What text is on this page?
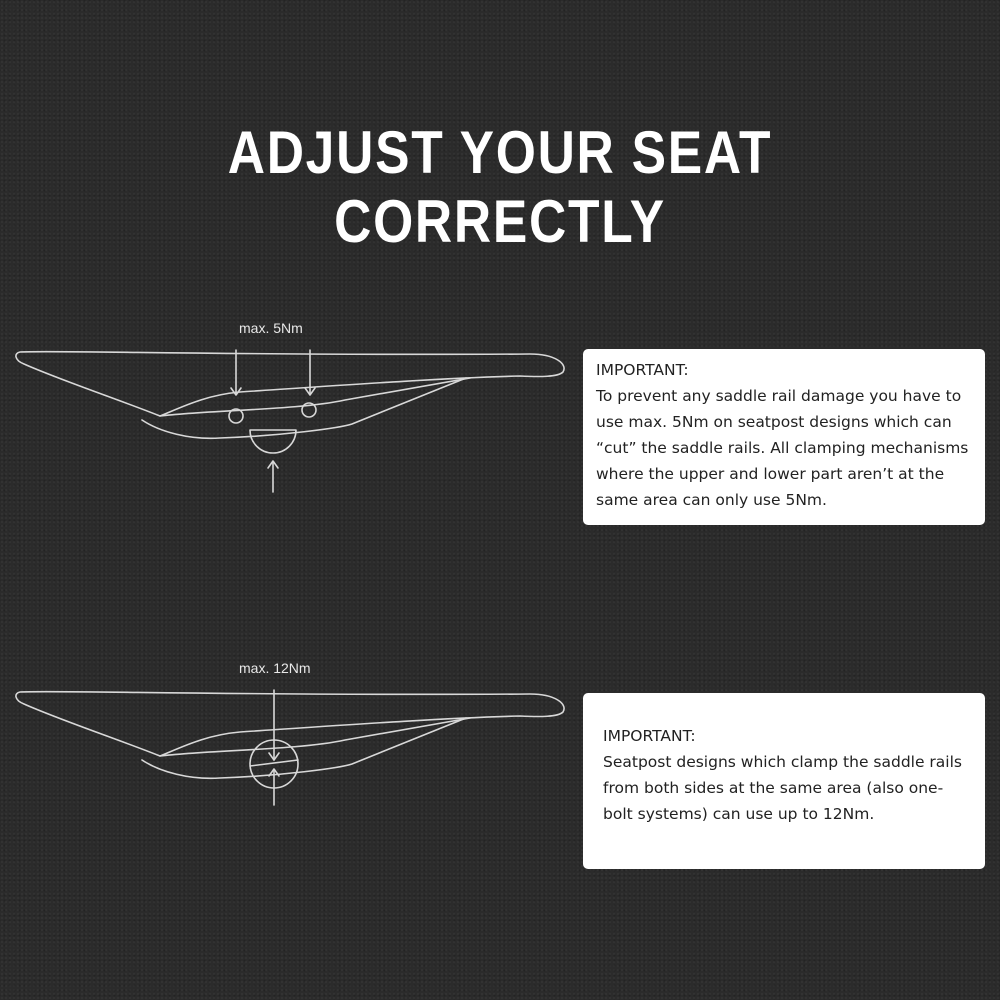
ADJUST YOUR SEAT CORRECTLY
max. 5Nm
IMPORTANT:
To prevent any saddle rail damage you have to use max. 5Nm on seatpost designs which can “cut” the saddle rails. All clamping mechanisms where the upper and lower part aren’t at the same area can only use 5Nm.
max. 12Nm
IMPORTANT:
Seatpost designs which clamp the saddle rails from both sides at the same area (also one-bolt systems) can use up to 12Nm.
